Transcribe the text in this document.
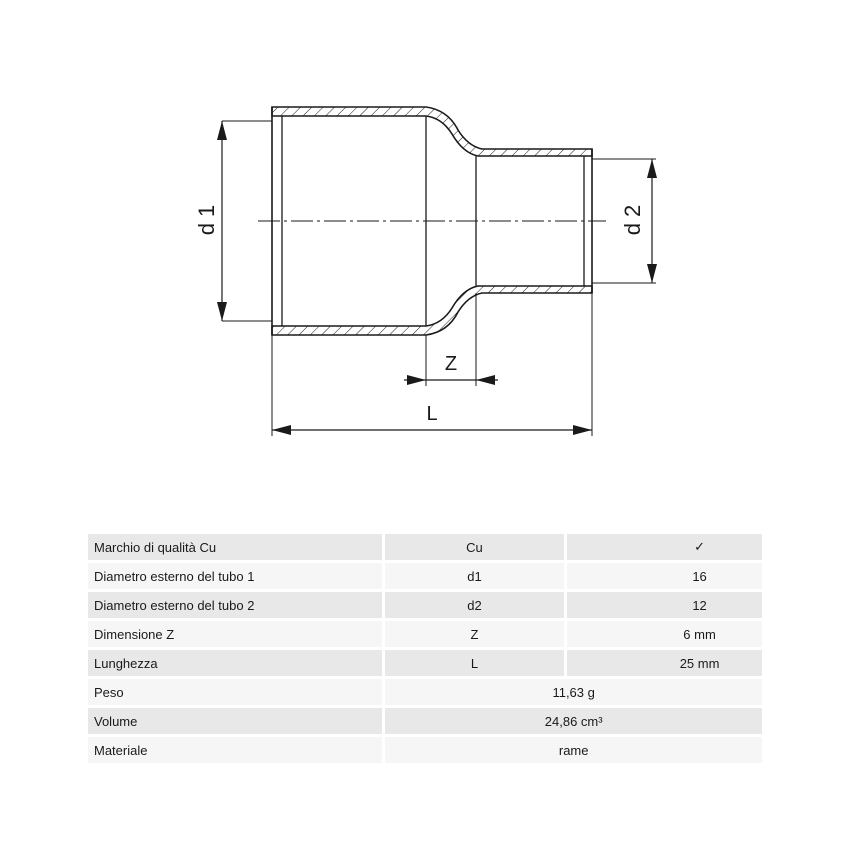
d 1	d 2
Z
L
Marchio di qualità Cu		Cu		✓
Diametro esterno del tubo 1		d1		16
Diametro esterno del tubo 2		d2		12
Dimensione Z		Z		6 mm
Lunghezza		L		25 mm
Peso		11,63 g		
Volume		24,86 cm³		
Materiale		rame		
